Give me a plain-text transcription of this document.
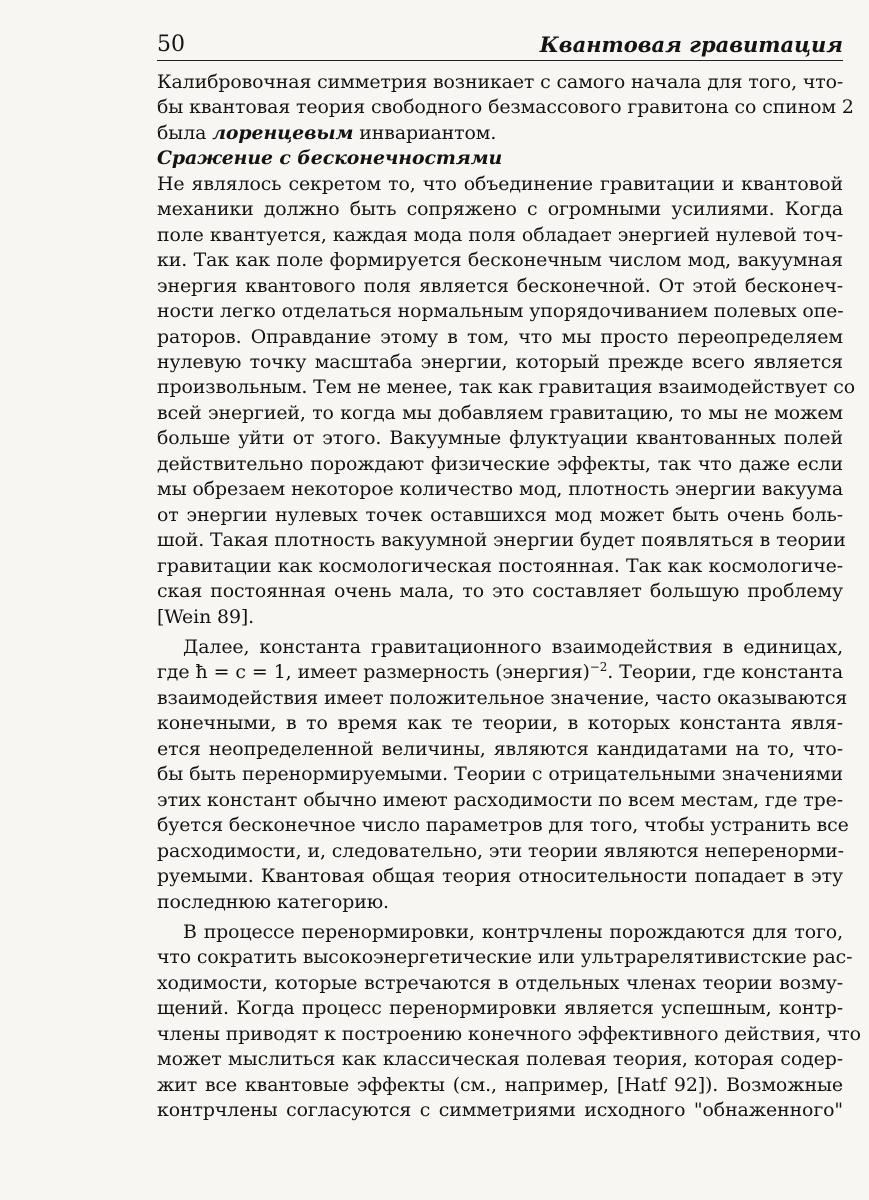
50	Квантовая гравитация
Калибровочная симметрия возникает с самого начала для того, что-
бы квантовая теория свободного безмассового гравитона со спином 2
была лоренцевым инвариантом.
Сражение с бесконечностями
Не являлось секретом то, что объединение гравитации и квантовой
механики должно быть сопряжено с огромными усилиями. Когда
поле квантуется, каждая мода поля обладает энергией нулевой точ-
ки. Так как поле формируется бесконечным числом мод, вакуумная
энергия квантового поля является бесконечной. От этой бесконеч-
ности легко отделаться нормальным упорядочиванием полевых опе-
раторов. Оправдание этому в том, что мы просто переопределяем
нулевую точку масштаба энергии, который прежде всего является
произвольным. Тем не менее, так как гравитация взаимодействует со
всей энергией, то когда мы добавляем гравитацию, то мы не можем
больше уйти от этого. Вакуумные флуктуации квантованных полей
действительно порождают физические эффекты, так что даже если
мы обрезаем некоторое количество мод, плотность энергии вакуума
от энергии нулевых точек оставшихся мод может быть очень боль-
шой. Такая плотность вакуумной энергии будет появляться в теории
гравитации как космологическая постоянная. Так как космологиче-
ская постоянная очень мала, то это составляет большую проблему
[Wein 89].
Далее, константа гравитационного взаимодействия в единицах,
где ħ = c = 1, имеет размерность (энергия)$^{-2}$. Теории, где константа
взаимодействия имеет положительное значение, часто оказываются
конечными, в то время как те теории, в которых константа явля-
ется неопределенной величины, являются кандидатами на то, что-
бы быть перенормируемыми. Теории с отрицательными значениями
этих констант обычно имеют расходимости по всем местам, где тре-
буется бесконечное число параметров для того, чтобы устранить все
расходимости, и, следовательно, эти теории являются неперенорми-
руемыми. Квантовая общая теория относительности попадает в эту
последнюю категорию.
В процессе перенормировки, контрчлены порождаются для того,
что сократить высокоэнергетические или ультрарелятивистские рас-
ходимости, которые встречаются в отдельных членах теории возму-
щений. Когда процесс перенормировки является успешным, контр-
члены приводят к построению конечного эффективного действия, что
может мыслиться как классическая полевая теория, которая содер-
жит все квантовые эффекты (см., например, [Hatf 92]). Возможные
контрчлены согласуются с симметриями исходного "обнаженного"
